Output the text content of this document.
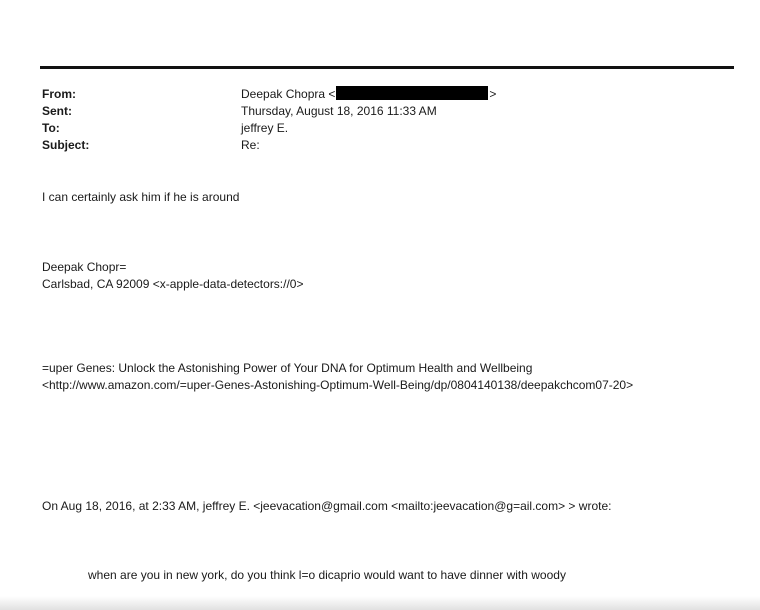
From:	Deepak Chopra <	>
Sent:	Thursday, August 18, 2016 11:33 AM
To:	jeffrey E.
Subject:	Re:
I can certainly ask him if he is around
Deepak Chopr=
Carlsbad, CA 92009 <x-apple-data-detectors://0>
=uper Genes: Unlock the Astonishing Power of Your DNA for Optimum Health and Wellbeing
<http://www.amazon.com/=uper-Genes-Astonishing-Optimum-Well-Being/dp/0804140138/deepakchcom07-20>
On Aug 18, 2016, at 2:33 AM, jeffrey E. <jeevacation@gmail.com <mailto:jeevacation@g=ail.com> > wrote:
when are you in new york, do you think l=o dicaprio would want to have dinner with woody
